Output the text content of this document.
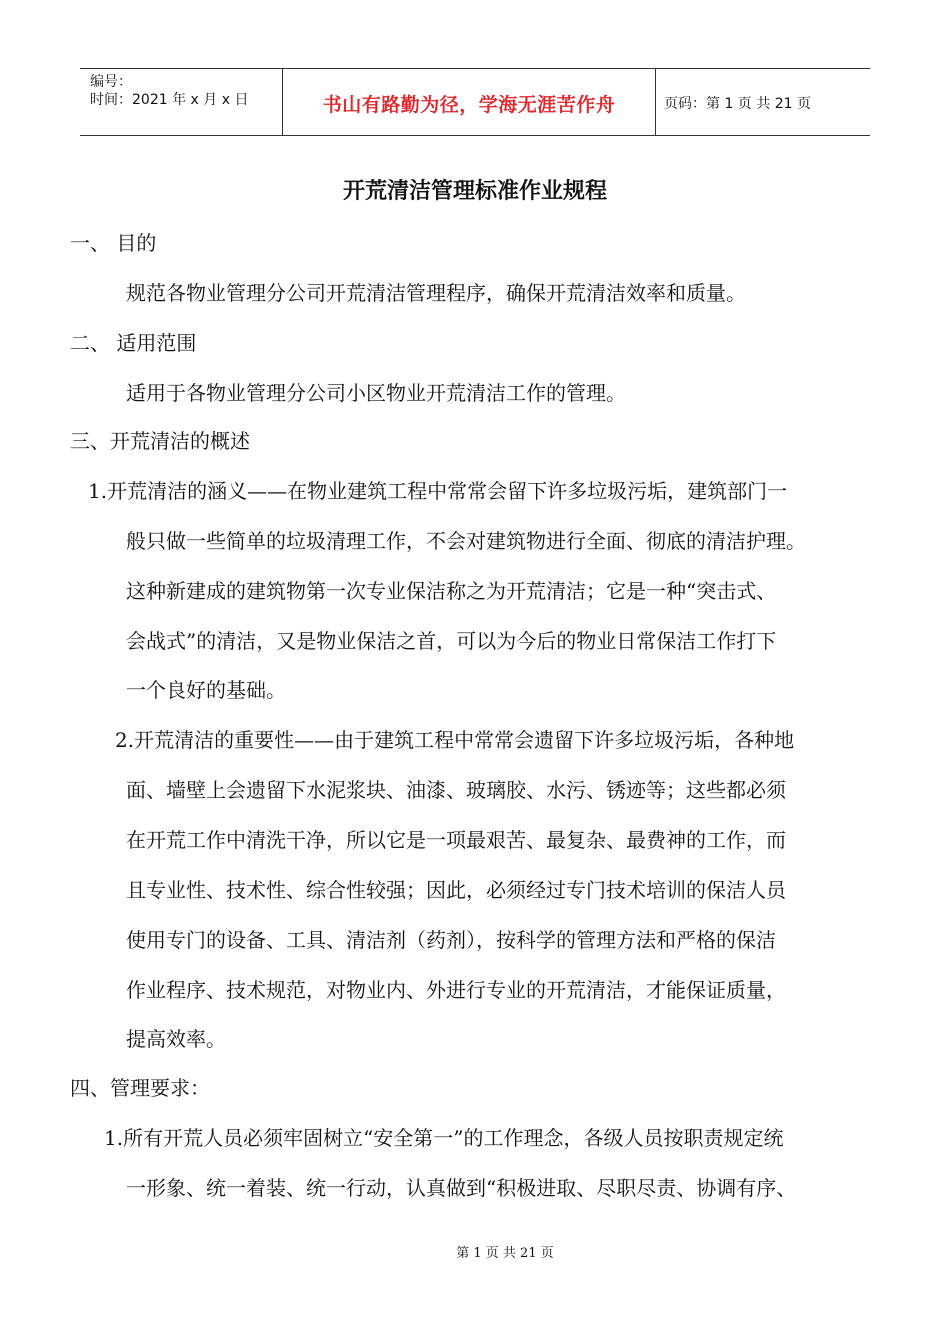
编号：
时间：2021 年 x 月 x 日	书山有路勤为径，学海无涯苦作舟	页码：第 1 页 共 21 页
开荒清洁管理标准作业规程
一、 目的
规范各物业管理分公司开荒清洁管理程序，确保开荒清洁效率和质量。
二、 适用范围
适用于各物业管理分公司小区物业开荒清洁工作的管理。
三、开荒清洁的概述
1.开荒清洁的涵义——在物业建筑工程中常常会留下许多垃圾污垢，建筑部门一
般只做一些简单的垃圾清理工作，不会对建筑物进行全面、彻底的清洁护理。
这种新建成的建筑物第一次专业保洁称之为开荒清洁；它是一种“突击式、
会战式”的清洁，又是物业保洁之首，可以为今后的物业日常保洁工作打下
一个良好的基础。
2.开荒清洁的重要性——由于建筑工程中常常会遗留下许多垃圾污垢，各种地
面、墙壁上会遗留下水泥浆块、油漆、玻璃胶、水污、锈迹等；这些都必须
在开荒工作中清洗干净，所以它是一项最艰苦、最复杂、最费神的工作，而
且专业性、技术性、综合性较强；因此，必须经过专门技术培训的保洁人员
使用专门的设备、工具、清洁剂（药剂），按科学的管理方法和严格的保洁
作业程序、技术规范，对物业内、外进行专业的开荒清洁，才能保证质量，
提高效率。
四、管理要求：
1.所有开荒人员必须牢固树立“安全第一”的工作理念，各级人员按职责规定统
一形象、统一着装、统一行动，认真做到“积极进取、尽职尽责、协调有序、
第 1 页 共 21 页
